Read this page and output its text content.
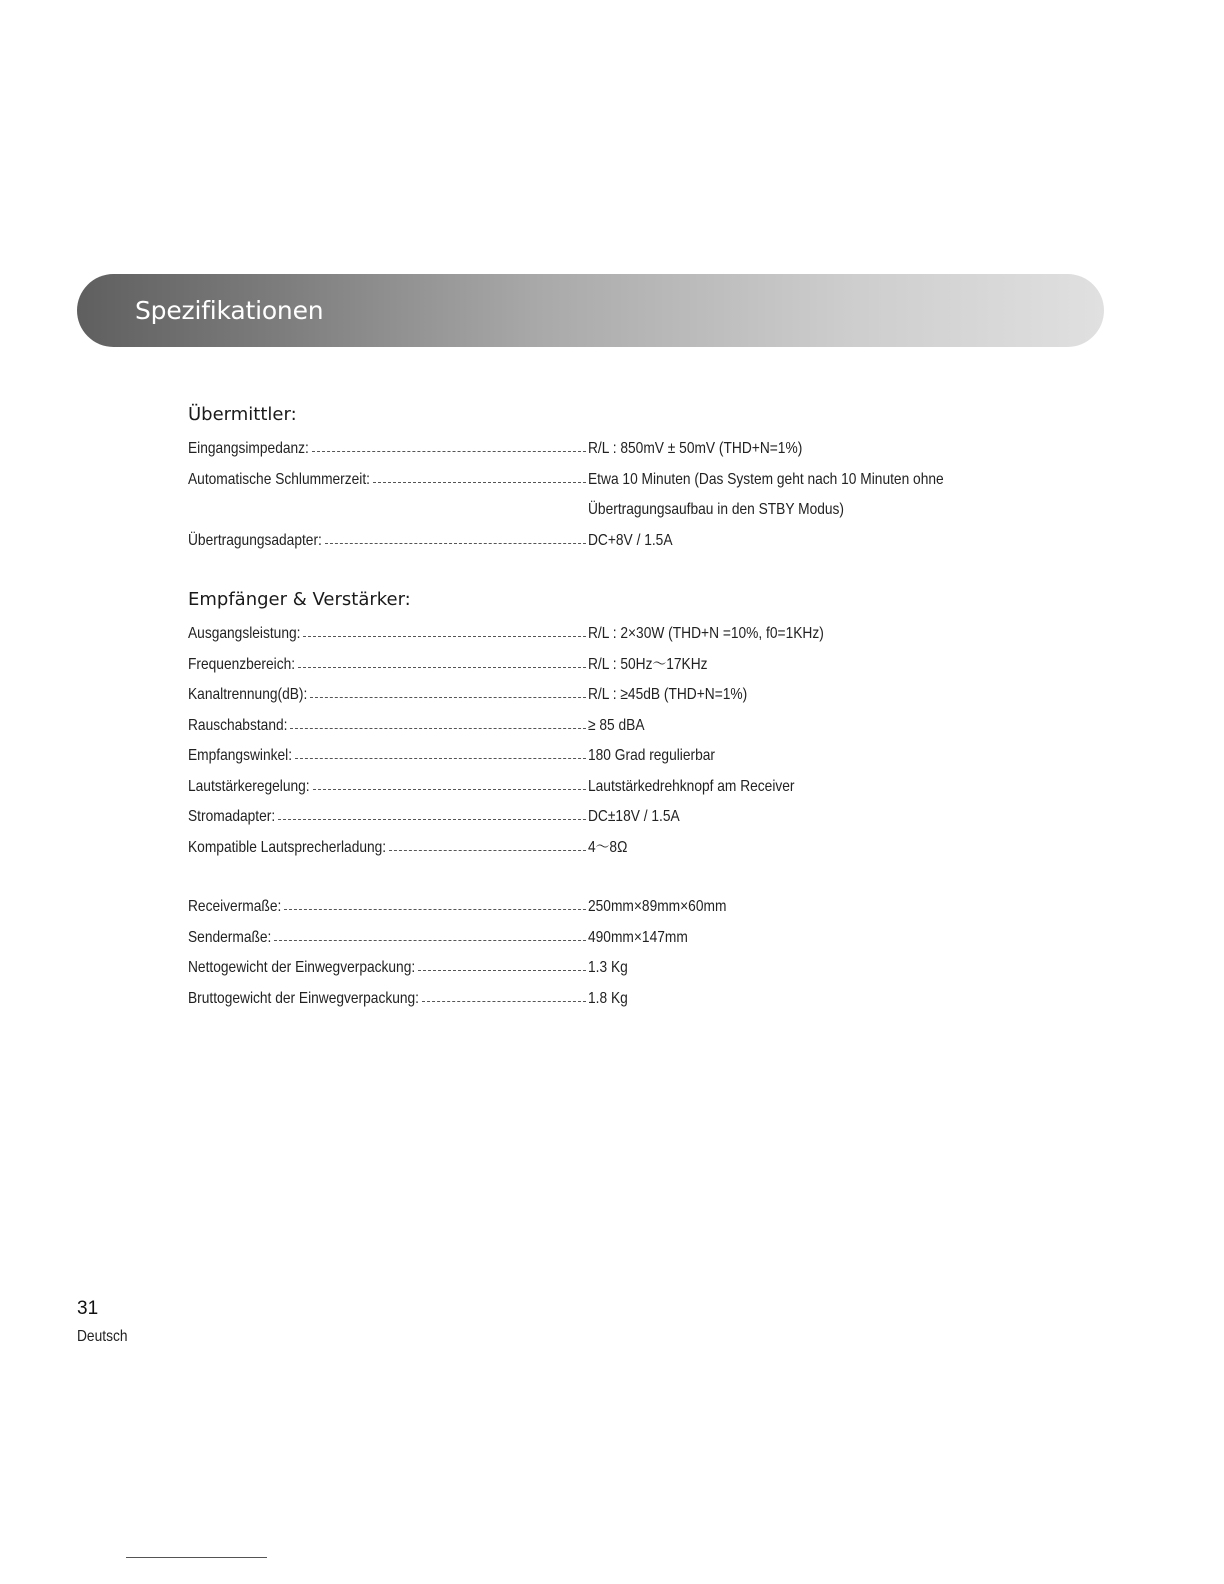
Spezifikationen
Übermittler:
Eingangsimpedanz:	R/L : 850mV ± 50mV (THD+N=1%)
Automatische Schlummerzeit:	Etwa 10 Minuten (Das System geht nach 10 Minuten ohne
Übertragungsaufbau in den STBY Modus)
Übertragungsadapter:	DC+8V / 1.5A
Empfänger & Verstärker:
Ausgangsleistung:	R/L : 2×30W (THD+N =10%, f0=1KHz)
Frequenzbereich:	R/L : 50Hz～17KHz
Kanaltrennung(dB):	R/L : ≥45dB (THD+N=1%)
Rauschabstand:	≥ 85 dBA
Empfangswinkel:	180 Grad regulierbar
Lautstärkeregelung:	Lautstärkedrehknopf am Receiver
Stromadapter:	DC±18V / 1.5A
Kompatible Lautsprecherladung:	4～8Ω
Receivermaße:	250mm×89mm×60mm
Sendermaße:	490mm×147mm
Nettogewicht der Einwegverpackung:	1.3 Kg
Bruttogewicht der Einwegverpackung:	1.8 Kg
31
Deutsch
